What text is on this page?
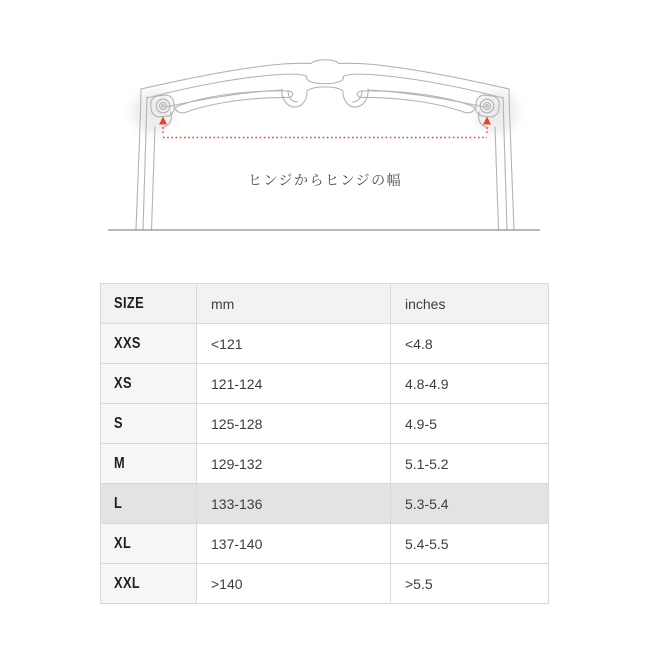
ヒンジからヒンジの幅
SIZE	mm	inches
XXS	<121	<4.8
XS	121-124	4.8-4.9
S	125-128	4.9-5
M	129-132	5.1-5.2
L	133-136	5.3-5.4
XL	137-140	5.4-5.5
XXL	>140	>5.5
